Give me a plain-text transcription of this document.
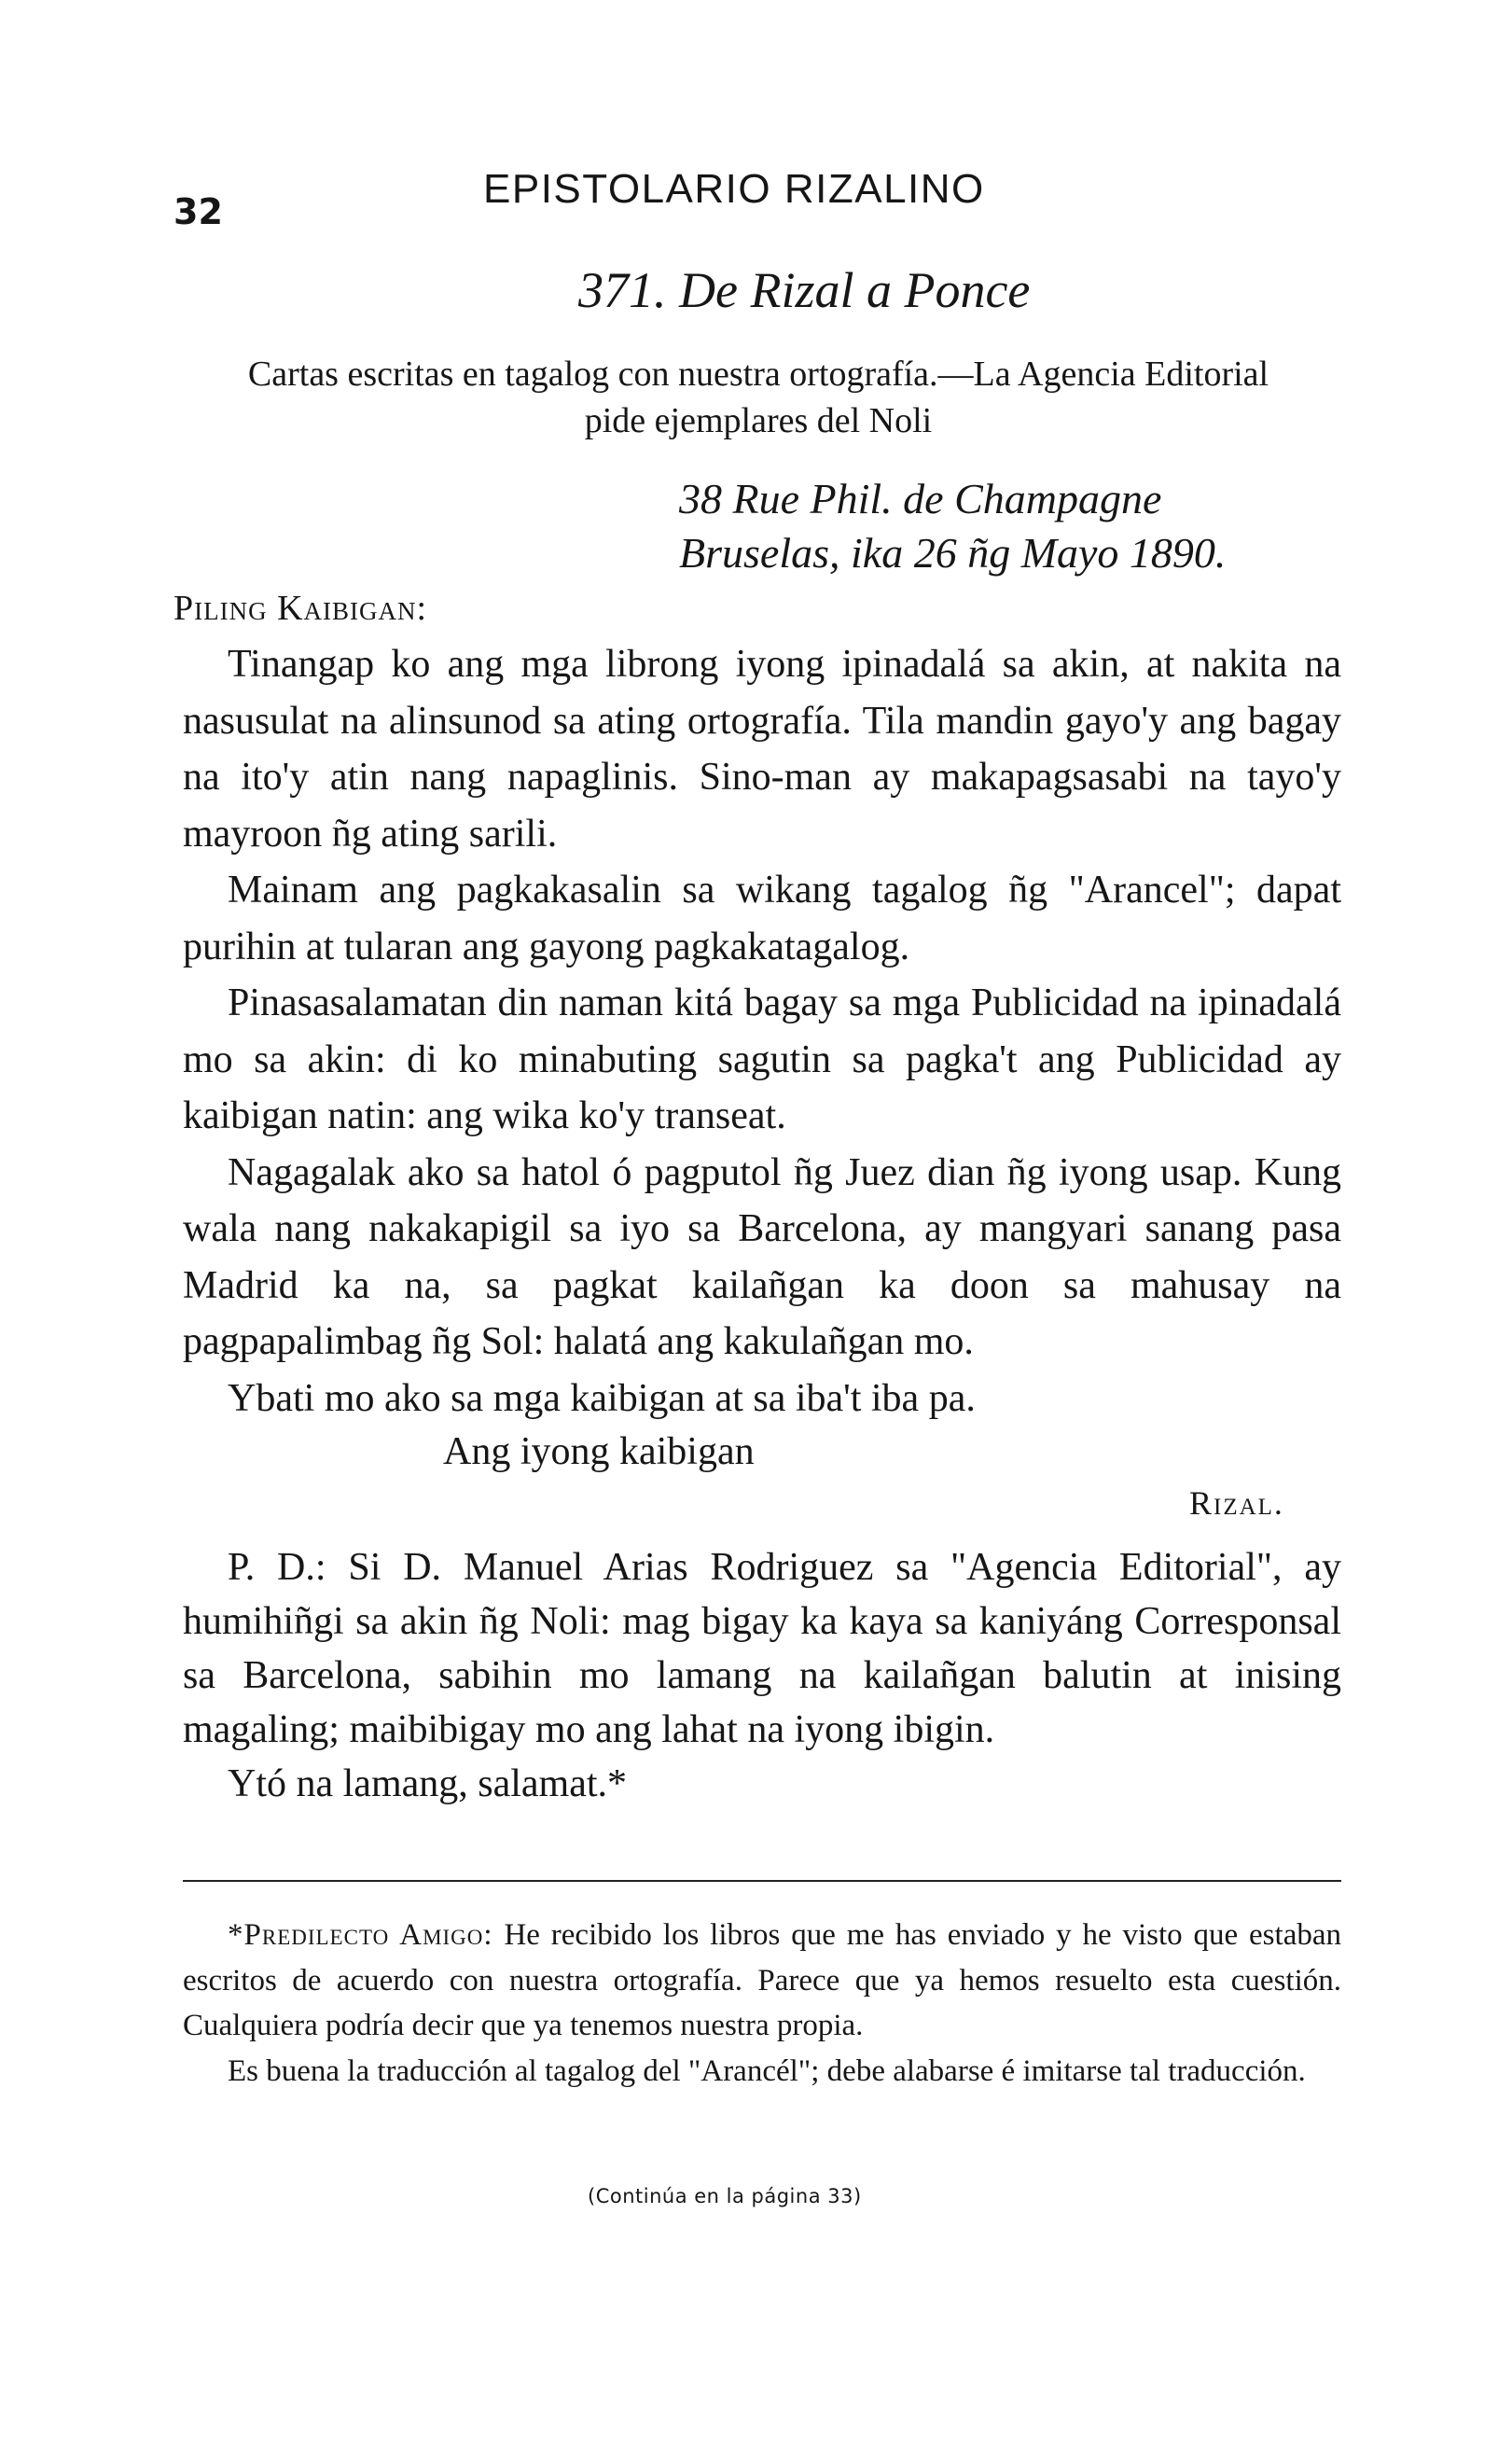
32	EPISTOLARIO RIZALINO
371. De Rizal a Ponce
Cartas escritas en tagalog con nuestra ortografía.—La Agencia Editorial pide ejemplares del Noli
38 Rue Phil. de Champagne
Bruselas, ika 26 ñg Mayo 1890.
Piling Kaibigan:

Tinangap ko ang mga librong iyong ipinadalá sa akin, at nakita na nasusulat na alinsunod sa ating ortografía. Tila mandin gayo'y ang bagay na ito'y atin nang napaglinis. Sino-man ay makapagsasabi na tayo'y mayroon ñg ating sarili.

Mainam ang pagkakasalin sa wikang tagalog ñg "Arancel"; dapat purihin at tularan ang gayong pagkakatagalog.

Pinasasalamatan din naman kitá bagay sa mga Publicidad na ipinadalá mo sa akin: di ko minabuting sagutin sa pagka't ang Publicidad ay kaibigan natin: ang wika ko'y transeat.

Nagagalak ako sa hatol ó pagputol ñg Juez dian ñg iyong usap. Kung wala nang nakakapigil sa iyo sa Barcelona, ay mangyari sanang pasa Madrid ka na, sa pagkat kailañgan ka doon sa mahusay na pagpapalimbag ñg Sol: halatá ang kakulañgan mo.

Ybati mo ako sa mga kaibigan at sa iba't iba pa.

Ang iyong kaibigan
Rizal.

P. D.: Si D. Manuel Arias Rodriguez sa "Agencia Editorial", ay humihiñgi sa akin ñg Noli: mag bigay ka kaya sa kaniyáng Corresponsal sa Barcelona, sabihin mo lamang na kailañgan balutin at inising magaling; maibibigay mo ang lahat na iyong ibigin.

Ytó na lamang, salamat.*

*Predilecto Amigo: He recibido los libros que me has enviado y he visto que estaban escritos de acuerdo con nuestra ortografía. Parece que ya hemos resuelto esta cuestión. Cualquiera podría decir que ya tenemos nuestra propia.

Es buena la traducción al tagalog del "Arancél"; debe alabarse é imitarse tal traducción.

(Continúa en la página 33)
